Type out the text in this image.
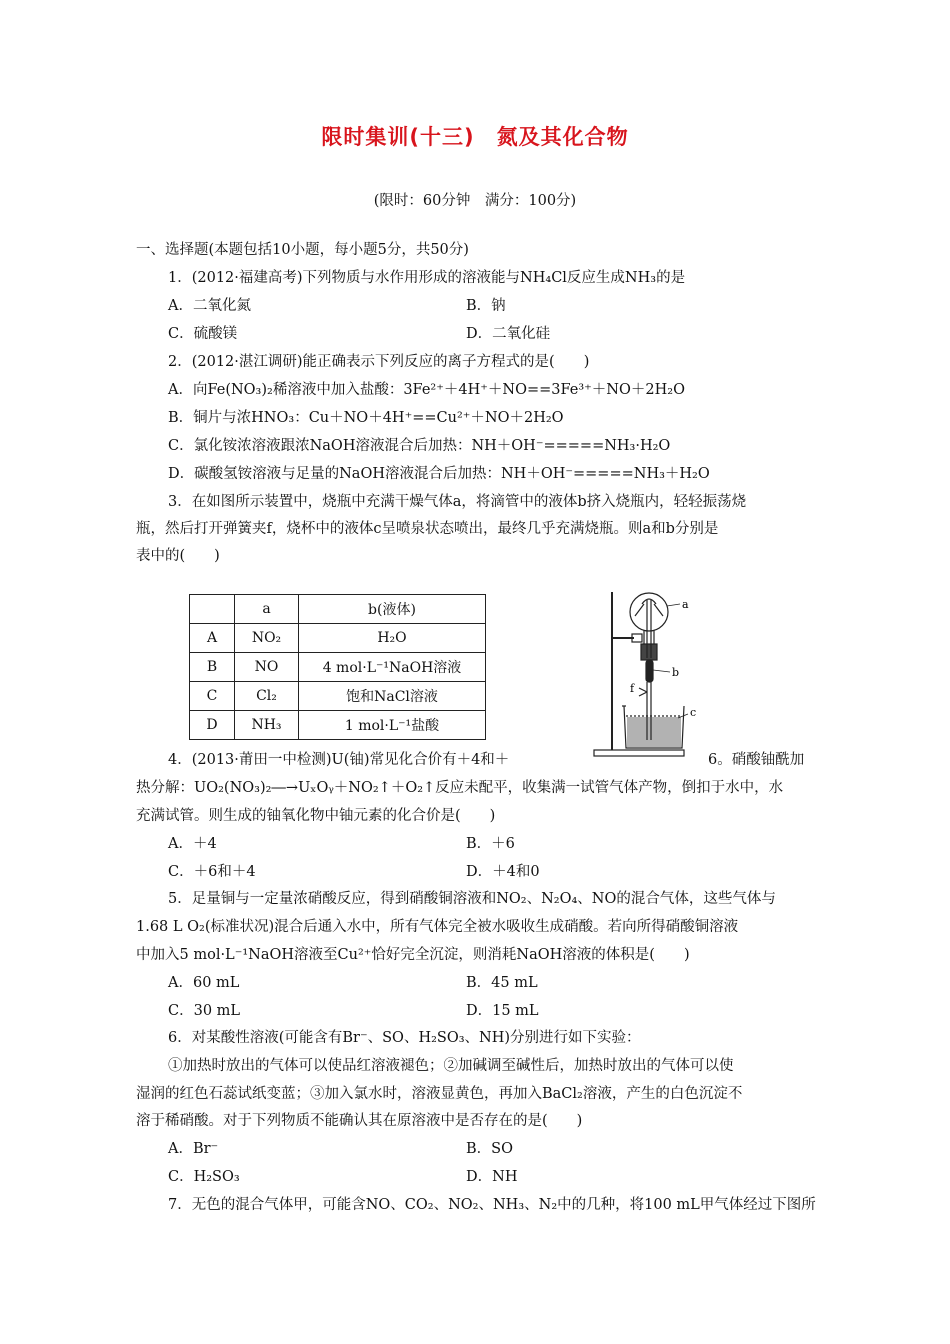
限时集训(十三)　氮及其化合物
(限时：60分钟　满分：100分)
一、选择题(本题包括10小题，每小题5分，共50分)
1．(2012·福建高考)下列物质与水作用形成的溶液能与NH₄Cl反应生成NH₃的是
A．二氧化氮	B．钠
C．硫酸镁	D．二氧化硅
2．(2012·湛江调研)能正确表示下列反应的离子方程式的是(　　)
A．向Fe(NO₃)₂稀溶液中加入盐酸：3Fe²⁺＋4H⁺＋NO==3Fe³⁺＋NO＋2H₂O
B．铜片与浓HNO₃：Cu＋NO＋4H⁺==Cu²⁺＋NO＋2H₂O
C．氯化铵浓溶液跟浓NaOH溶液混合后加热：NH＋OH⁻=====NH₃·H₂O
D．碳酸氢铵溶液与足量的NaOH溶液混合后加热：NH＋OH⁻=====NH₃＋H₂O
3．在如图所示装置中，烧瓶中充满干燥气体a，将滴管中的液体b挤入烧瓶内，轻轻振荡烧
瓶，然后打开弹簧夹f，烧杯中的液体c呈喷泉状态喷出，最终几乎充满烧瓶。则a和b分别是
表中的(　　)
	a	b(液体)
A	NO₂	H₂O
B	NO	4 mol·L⁻¹NaOH溶液
C	Cl₂	饱和NaCl溶液
D	NH₃	1 mol·L⁻¹盐酸
a
b
f
c
4．(2013·莆田一中检测)U(铀)常见化合价有＋4和＋	6。硝酸铀酰加
热分解：UO₂(NO₃)₂―→UₓOᵧ＋NO₂↑＋O₂↑反应未配平，收集满一试管气体产物，倒扣于水中，水
充满试管。则生成的铀氧化物中铀元素的化合价是(　　)
A．＋4	B．＋6
C．＋6和＋4	D．＋4和0
5．足量铜与一定量浓硝酸反应，得到硝酸铜溶液和NO₂、N₂O₄、NO的混合气体，这些气体与
1.68 L O₂(标准状况)混合后通入水中，所有气体完全被水吸收生成硝酸。若向所得硝酸铜溶液
中加入5 mol·L⁻¹NaOH溶液至Cu²⁺恰好完全沉淀，则消耗NaOH溶液的体积是(　　)
A．60 mL	B．45 mL
C．30 mL	D．15 mL
6．对某酸性溶液(可能含有Br⁻、SO、H₂SO₃、NH)分别进行如下实验：
①加热时放出的气体可以使品红溶液褪色；②加碱调至碱性后，加热时放出的气体可以使
湿润的红色石蕊试纸变蓝；③加入氯水时，溶液显黄色，再加入BaCl₂溶液，产生的白色沉淀不
溶于稀硝酸。对于下列物质不能确认其在原溶液中是否存在的是(　　)
A．Br⁻	B．SO
C．H₂SO₃	D．NH
7．无色的混合气体甲，可能含NO、CO₂、NO₂、NH₃、N₂中的几种，将100 mL甲气体经过下图所
